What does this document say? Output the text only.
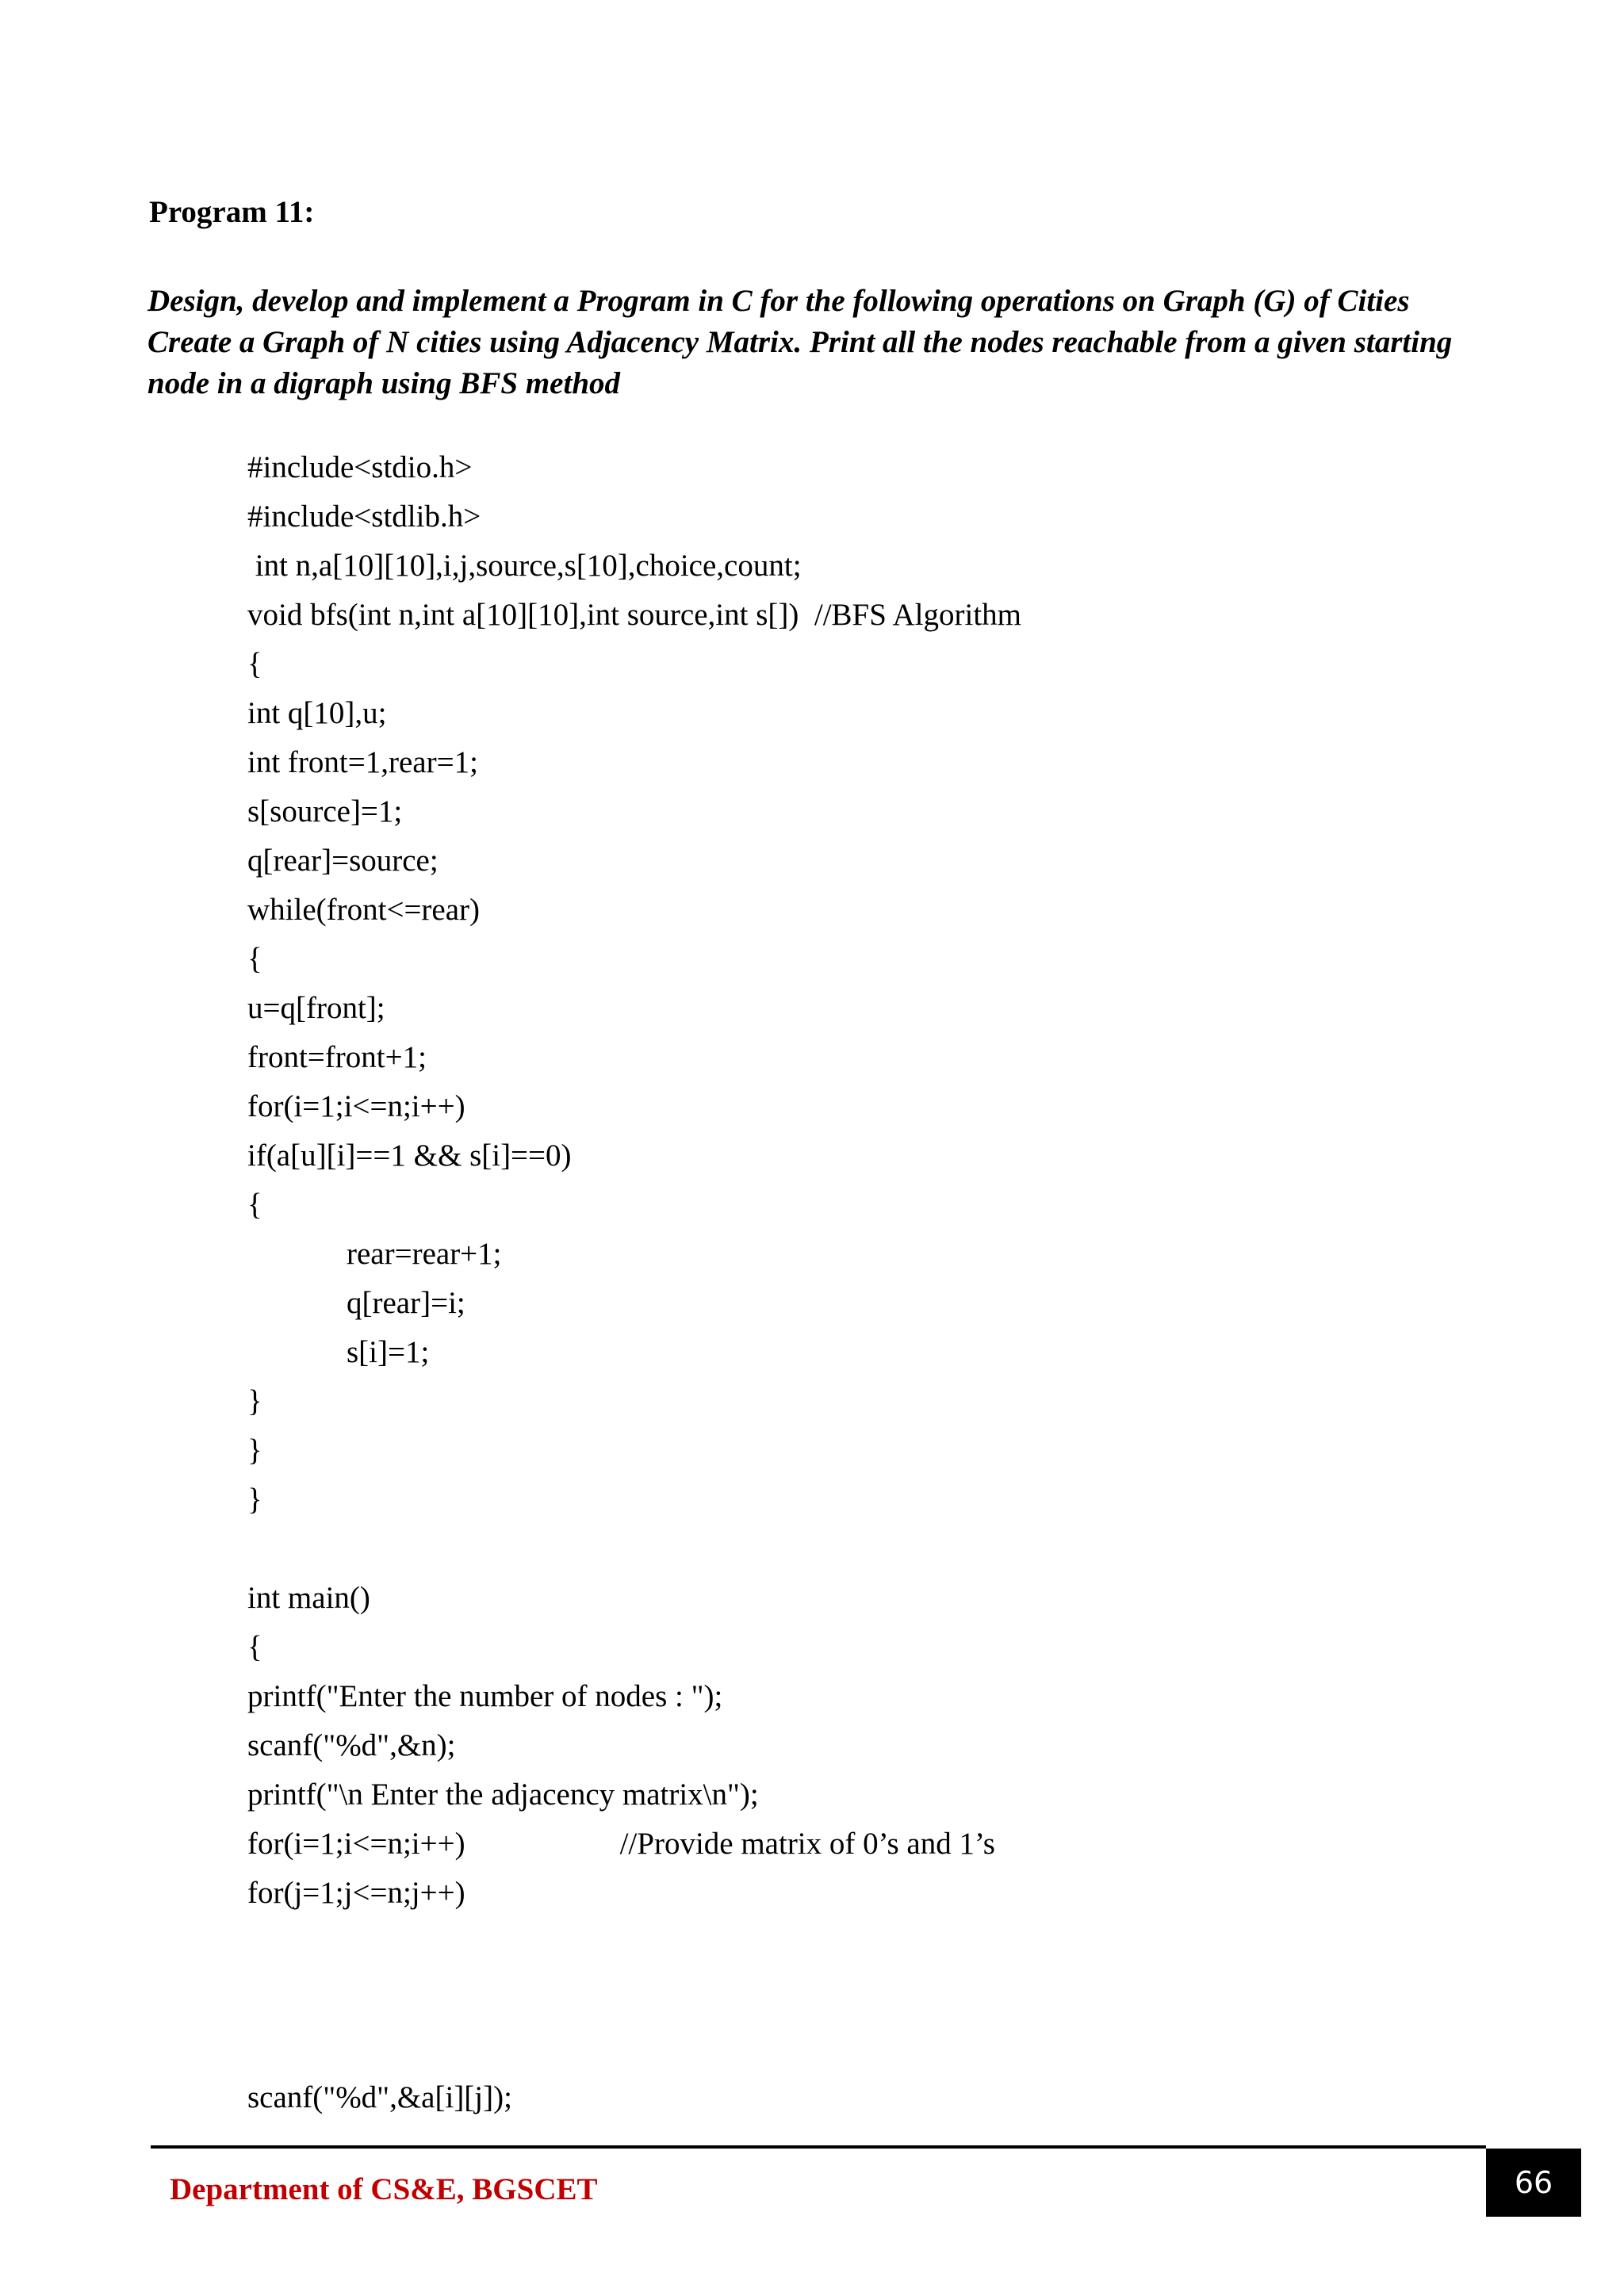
Program 11:
Design, develop and implement a Program in C for the following operations on Graph (G) of Cities Create a Graph of N cities using Adjacency Matrix. Print all the nodes reachable from a given starting node in a digraph using BFS method
#include<stdio.h>
#include<stdlib.h>
int n,a[10][10],i,j,source,s[10],choice,count;
void bfs(int n,int a[10][10],int source,int s[])  //BFS Algorithm
{
int q[10],u;
int front=1,rear=1;
s[source]=1;
q[rear]=source;
while(front<=rear)
{
u=q[front];
front=front+1;
for(i=1;i<=n;i++)
if(a[u][i]==1 && s[i]==0)
{
rear=rear+1;
q[rear]=i;
s[i]=1;
}
}
}
int main()
{
printf("Enter the number of nodes : ");
scanf("%d",&n);
printf("\n Enter the adjacency matrix\n");
for(i=1;i<=n;i++)                    //Provide matrix of 0’s and 1’s
for(j=1;j<=n;j++)
scanf("%d",&a[i][j]);
Department of CS&E, BGSCET	66
